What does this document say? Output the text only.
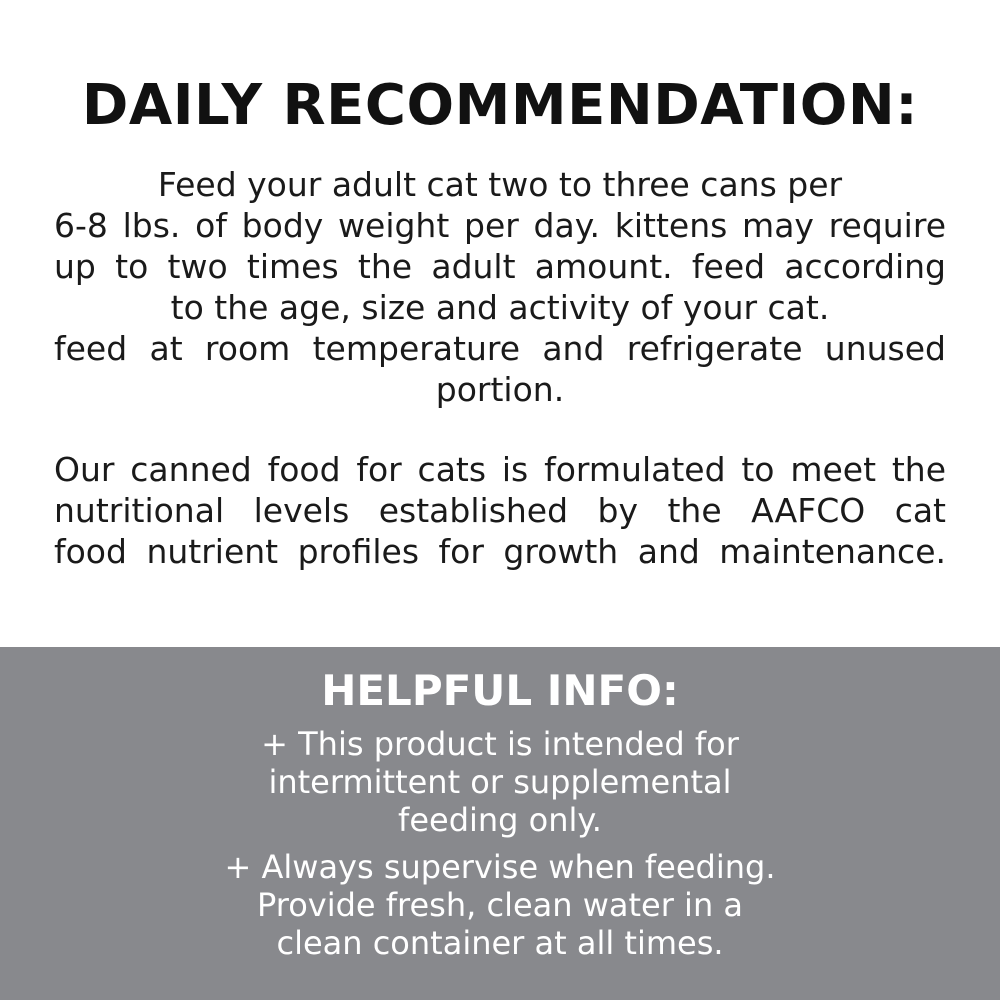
DAILY RECOMMENDATION:
Feed your adult cat two to three cans per
6-8 lbs. of body weight per day. kittens may require
up to two times the adult amount. feed according
to the age, size and activity of your cat.
feed at room temperature and refrigerate unused
portion.
Our canned food for cats is formulated to meet the
nutritional levels established by the AAFCO cat
food nutrient profiles for growth and maintenance.
HELPFUL INFO:
+ This product is intended for
intermittent or supplemental
feeding only.
+ Always supervise when feeding.
Provide fresh, clean water in a
clean container at all times.
